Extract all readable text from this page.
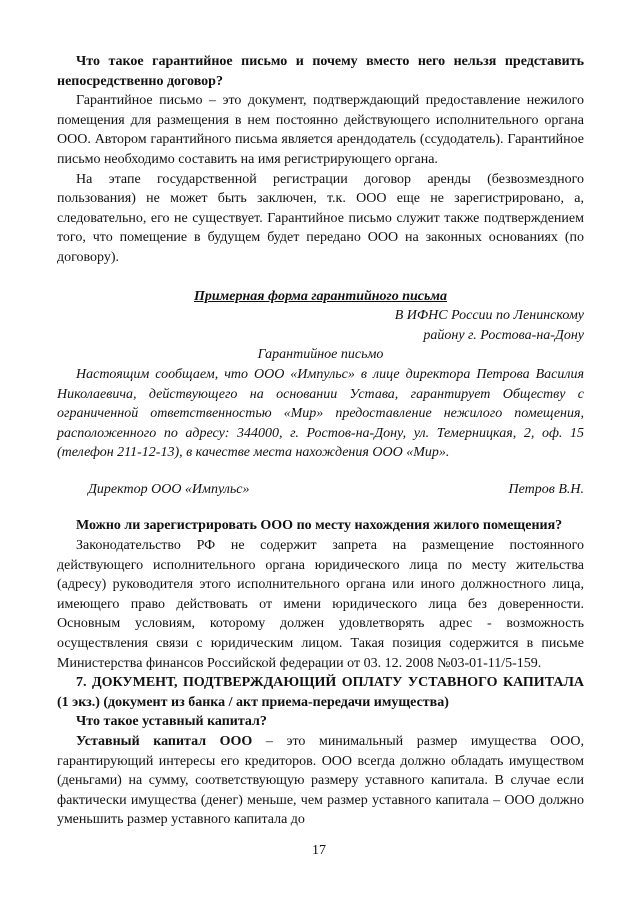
Что такое гарантийное письмо и почему вместо него нельзя представить непосредственно договор?

Гарантийное письмо – это документ, подтверждающий предоставление нежилого помещения для размещения в нем постоянно действующего исполнительного органа ООО. Автором гарантийного письма является арендодатель (ссудодатель). Гарантийное письмо необходимо составить на имя регистрирующего органа.

На этапе государственной регистрации договор аренды (безвозмездного пользования) не может быть заключен, т.к. ООО еще не зарегистрировано, а, следовательно, его не существует. Гарантийное письмо служит также подтверждением того, что помещение в будущем будет передано ООО на законных основаниях (по договору).

Примерная форма гарантийного письма

В ИФНС России по Ленинскому

району г. Ростова-на-Дону

Гарантийное письмо

Настоящим сообщаем, что ООО «Импульс» в лице директора Петрова Василия Николаевича, действующего на основании Устава, гарантирует Обществу с ограниченной ответственностью «Мир» предоставление нежилого помещения, расположенного по адресу: 344000, г. Ростов-на-Дону, ул. Темерницкая, 2, оф. 15 (телефон 211-12-13), в качестве места нахождения ООО «Мир».

Директор ООО «Импульс»	Петров В.Н.

Можно ли зарегистрировать ООО по месту нахождения жилого помещения?

Законодательство РФ не содержит запрета на размещение постоянного действующего исполнительного органа юридического лица по месту жительства (адресу) руководителя этого исполнительного органа или иного должностного лица, имеющего право действовать от имени юридического лица без доверенности. Основным условиям, которому должен удовлетворять адрес - возможность осуществления связи с юридическим лицом. Такая позиция содержится в письме Министерства финансов Российской федерации от 03. 12. 2008 №03-01-11/5-159.

7. ДОКУМЕНТ, ПОДТВЕРЖДАЮЩИЙ ОПЛАТУ УСТАВНОГО КАПИТАЛА (1 экз.) (документ из банка / акт приема-передачи имущества)

Что такое уставный капитал?

Уставный капитал ООО – это минимальный размер имущества ООО, гарантирующий интересы его кредиторов. ООО всегда должно обладать имуществом (деньгами) на сумму, соответствующую размеру уставного капитала. В случае если фактически имущества (денег) меньше, чем размер уставного капитала – ООО должно уменьшить размер уставного капитала до

17
